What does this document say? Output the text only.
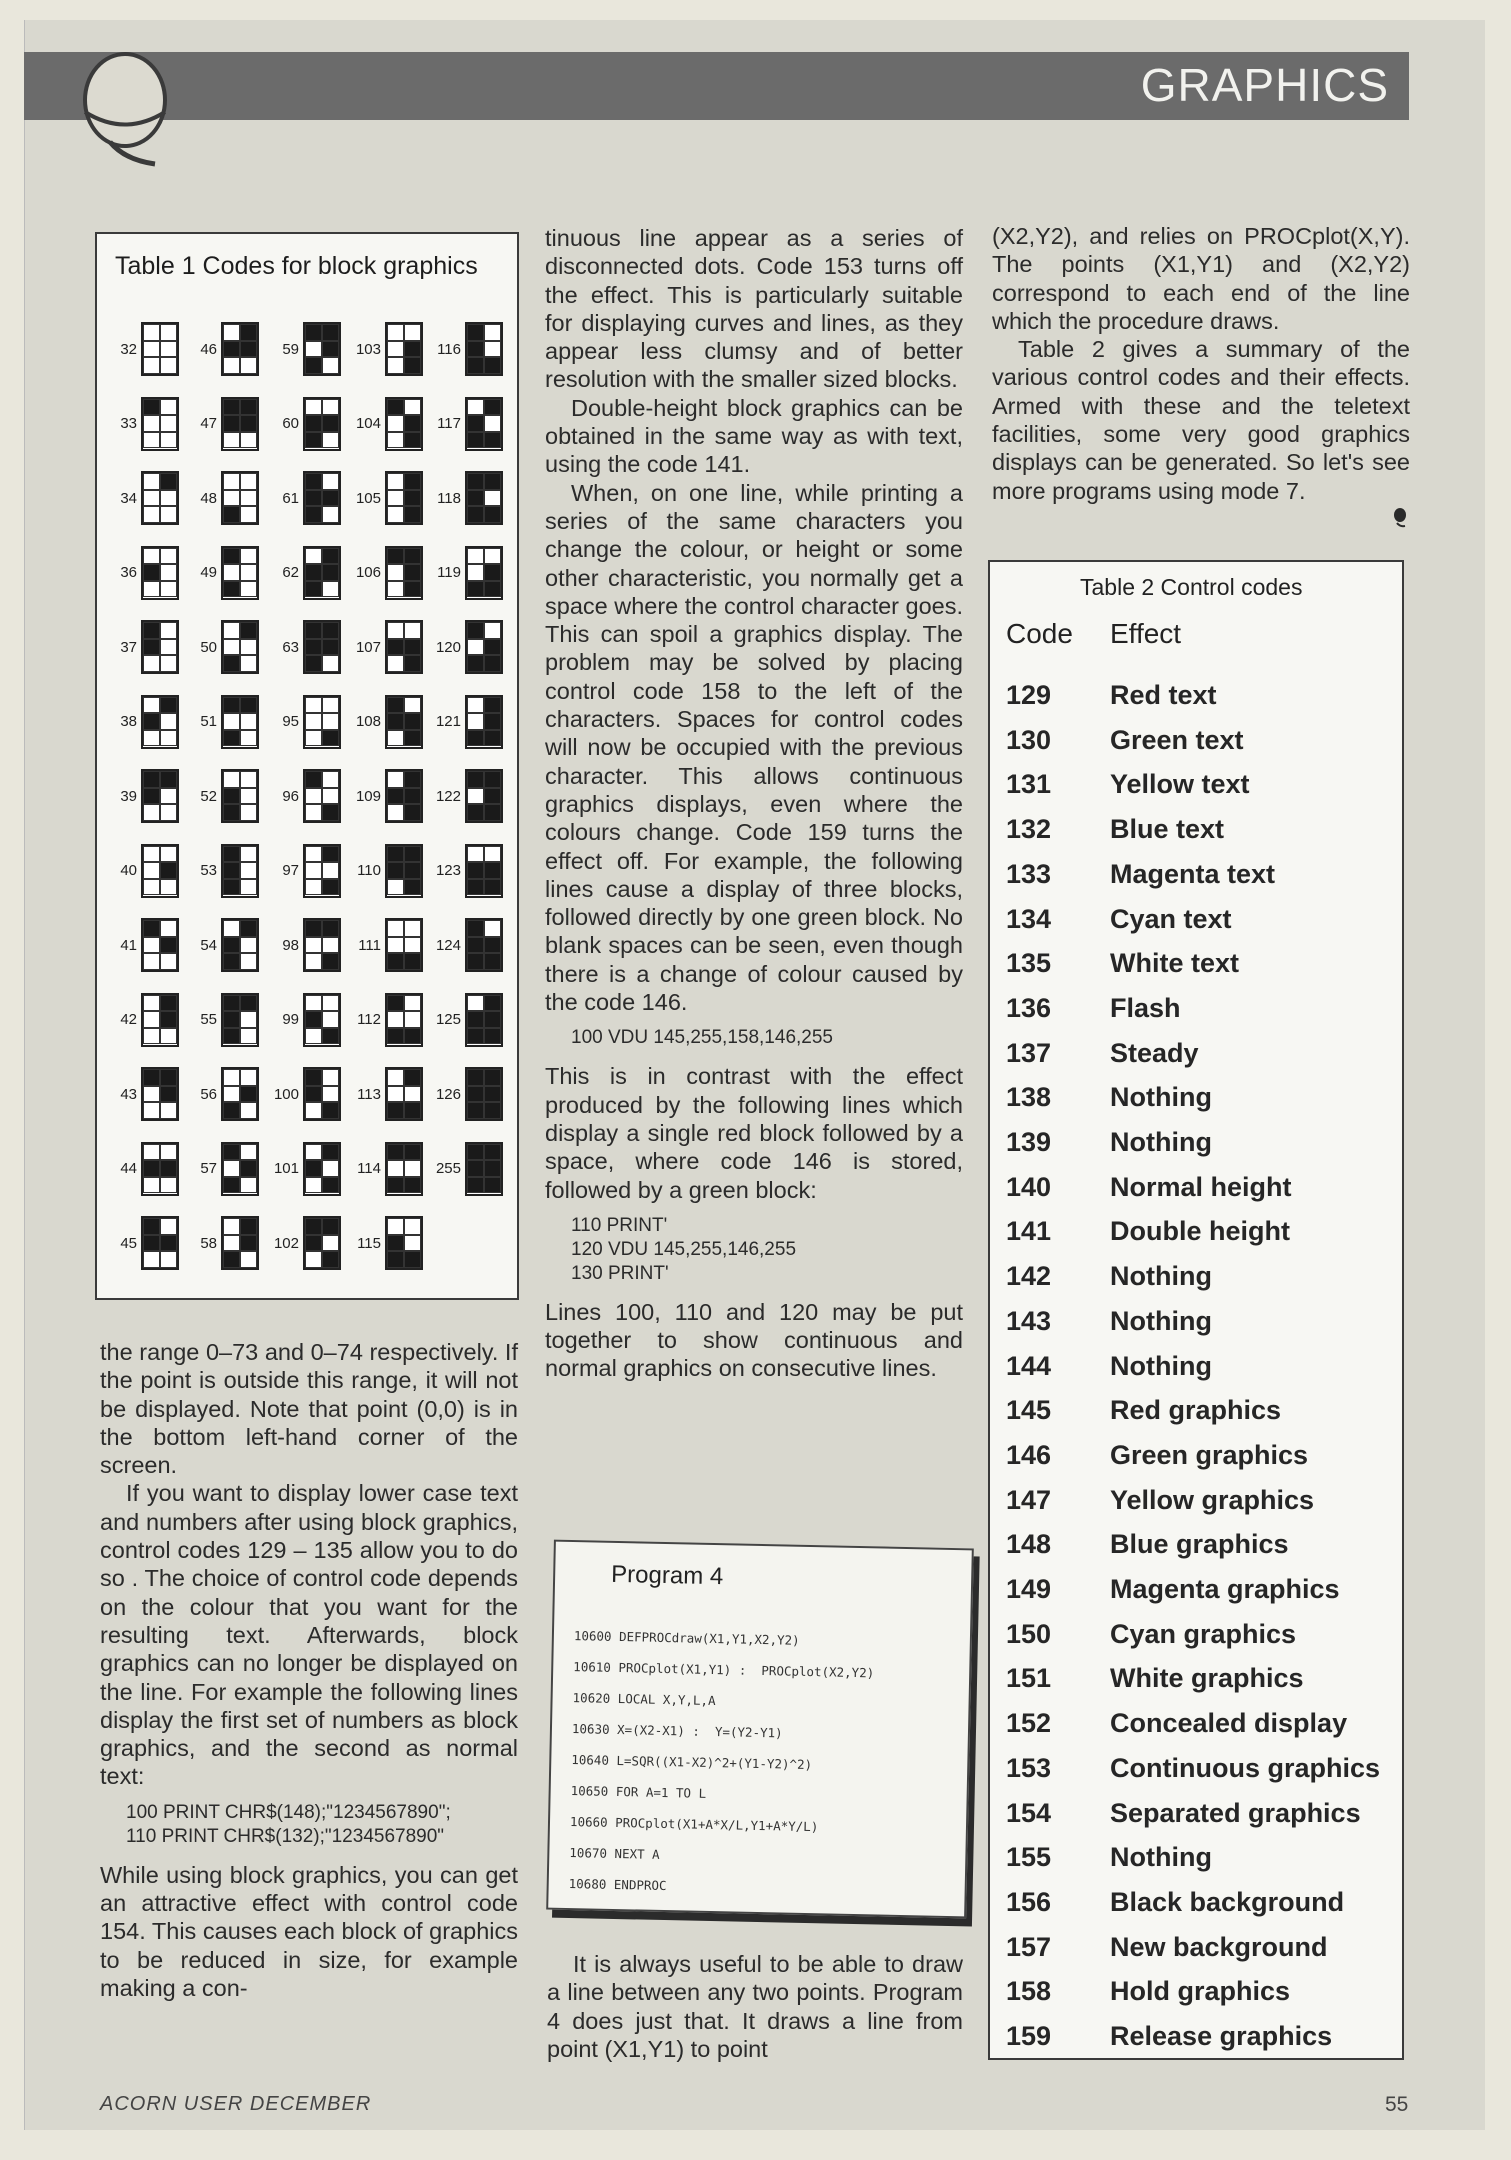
GRAPHICS
Table 1 Codes for block graphics
32
33
34
36
37
38
39
40
41
42
43
44
45
46
47
48
49
50
51
52
53
54
55
56
57
58
59
60
61
62
63
95
96
97
98
99
100
101
102
103
104
105
106
107
108
109
110
111
112
113
114
115
116
117
118
119
120
121
122
123
124
125
126
255

the range 0–73 and 0–74 respectively. If the point is outside this range, it will not be displayed. Note that point (0,0) is in the bottom left-hand corner of the screen.

If you want to display lower case text and numbers after using block graphics, control codes 129 – 135 allow you to do so . The choice of control code depends on the colour that you want for the resulting text. Afterwards, block graphics can no longer be displayed on the line. For example the following lines display the first set of numbers as block graphics, and the second as normal text:

100 PRINT CHR$(148);"1234567890";
110 PRINT CHR$(132);"1234567890"

While using block graphics, you can get an attractive effect with control code 154. This causes each block of graphics to be reduced in size, for example making a con-

tinuous line appear as a series of disconnected dots. Code 153 turns off the effect. This is particularly suitable for displaying curves and lines, as they appear less clumsy and of better resolution with the smaller sized blocks.

Double-height block graphics can be obtained in the same way as with text, using the code 141.

When, on one line, while printing a series of the same characters you change the colour, or height or some other characteristic, you normally get a space where the control character goes. This can spoil a graphics display. The problem may be solved by placing control code 158 to the left of the characters. Spaces for control codes will now be occupied with the previous character. This allows continuous graphics displays, even where the colours change. Code 159 turns the effect off. For example, the following lines cause a display of three blocks, followed directly by one green block. No blank spaces can be seen, even though there is a change of colour caused by the code 146.

100 VDU 145,255,158,146,255

This is in contrast with the effect produced by the following lines which display a single red block followed by a space, where code 146 is stored, followed by a green block:

110 PRINT'
120 VDU 145,255,146,255
130 PRINT'

Lines 100, 110 and 120 may be put together to show continuous and normal graphics on consecutive lines.

Program 4
10600 DEFPROCdraw(X1,Y1,X2,Y2)
10610 PROCplot(X1,Y1) :  PROCplot(X2,Y2)
10620 LOCAL X,Y,L,A
10630 X=(X2-X1) :  Y=(Y2-Y1)
10640 L=SQR((X1-X2)^2+(Y1-Y2)^2)
10650 FOR A=1 TO L
10660 PROCplot(X1+A*X/L,Y1+A*Y/L)
10670 NEXT A
10680 ENDPROC

It is always useful to be able to draw a line between any two points. Program 4 does just that. It draws a line from point (X1,Y1) to point

(X2,Y2), and relies on PROCplot(X,Y). The points (X1,Y1) and (X2,Y2) correspond to each end of the line which the procedure draws.

Table 2 gives a summary of the various control codes and their effects. Armed with these and the teletext facilities, some very good graphics displays can be generated. So let's see more programs using mode 7.

Table 2 Control codes
Code Effect
129 Red text
130 Green text
131 Yellow text
132 Blue text
133 Magenta text
134 Cyan text
135 White text
136 Flash
137 Steady
138 Nothing
139 Nothing
140 Normal height
141 Double height
142 Nothing
143 Nothing
144 Nothing
145 Red graphics
146 Green graphics
147 Yellow graphics
148 Blue graphics
149 Magenta graphics
150 Cyan graphics
151 White graphics
152 Concealed display
153 Continuous graphics
154 Separated graphics
155 Nothing
156 Black background
157 New background
158 Hold graphics
159 Release graphics
ACORN USER DECEMBER	55
